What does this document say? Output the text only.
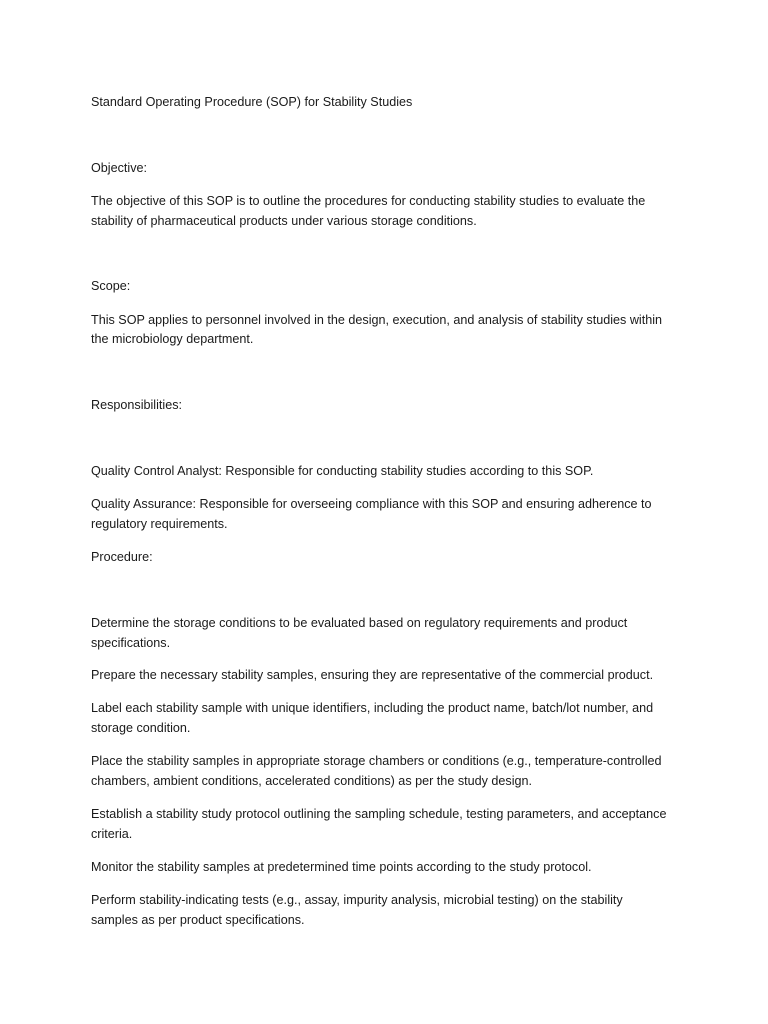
Standard Operating Procedure (SOP) for Stability Studies

Objective:

The objective of this SOP is to outline the procedures for conducting stability studies to evaluate the

stability of pharmaceutical products under various storage conditions.

Scope:

This SOP applies to personnel involved in the design, execution, and analysis of stability studies within

the microbiology department.

Responsibilities:

Quality Control Analyst: Responsible for conducting stability studies according to this SOP.

Quality Assurance: Responsible for overseeing compliance with this SOP and ensuring adherence to

regulatory requirements.

Procedure:

Determine the storage conditions to be evaluated based on regulatory requirements and product

specifications.

Prepare the necessary stability samples, ensuring they are representative of the commercial product.

Label each stability sample with unique identifiers, including the product name, batch/lot number, and

storage condition.

Place the stability samples in appropriate storage chambers or conditions (e.g., temperature-controlled

chambers, ambient conditions, accelerated conditions) as per the study design.

Establish a stability study protocol outlining the sampling schedule, testing parameters, and acceptance

criteria.

Monitor the stability samples at predetermined time points according to the study protocol.

Perform stability-indicating tests (e.g., assay, impurity analysis, microbial testing) on the stability

samples as per product specifications.
